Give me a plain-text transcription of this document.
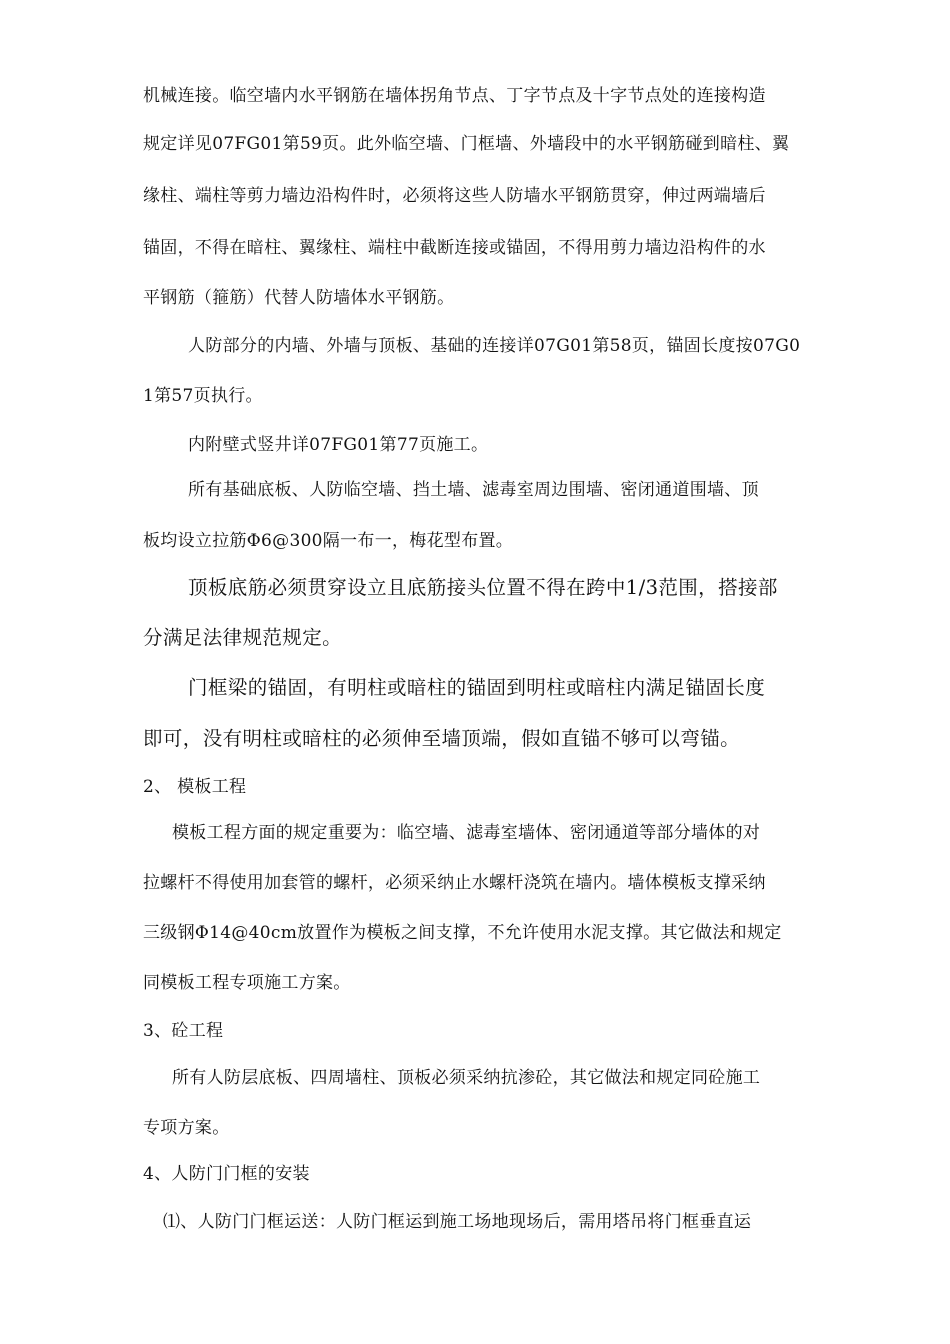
机械连接。临空墙内水平钢筋在墙体拐角节点、丁字节点及十字节点处的连接构造
规定详见07FG01第59页。此外临空墙、门框墙、外墙段中的水平钢筋碰到暗柱、翼
缘柱、端柱等剪力墙边沿构件时，必须将这些人防墙水平钢筋贯穿，伸过两端墙后
锚固，不得在暗柱、翼缘柱、端柱中截断连接或锚固，不得用剪力墙边沿构件的水
平钢筋（箍筋）代替人防墙体水平钢筋。
人防部分的内墙、外墙与顶板、基础的连接详07G01第58页，锚固长度按07G0
1第57页执行。
内附壁式竖井详07FG01第77页施工。
所有基础底板、人防临空墙、挡土墙、滤毒室周边围墙、密闭通道围墙、顶
板均设立拉筋Φ6@300隔一布一，梅花型布置。
顶板底筋必须贯穿设立且底筋接头位置不得在跨中1/3范围，搭接部
分满足法律规范规定。
门框梁的锚固，有明柱或暗柱的锚固到明柱或暗柱内满足锚固长度
即可，没有明柱或暗柱的必须伸至墙顶端，假如直锚不够可以弯锚。
2、 模板工程
模板工程方面的规定重要为：临空墙、滤毒室墙体、密闭通道等部分墙体的对
拉螺杆不得使用加套管的螺杆，必须采纳止水螺杆浇筑在墙内。墙体模板支撑采纳
三级钢Φ14@40cm放置作为模板之间支撑，不允许使用水泥支撑。其它做法和规定
同模板工程专项施工方案。
3、砼工程
所有人防层底板、四周墙柱、顶板必须采纳抗渗砼，其它做法和规定同砼施工
专项方案。
4、人防门门框的安装
⑴、人防门门框运送：人防门框运到施工场地现场后，需用塔吊将门框垂直运
